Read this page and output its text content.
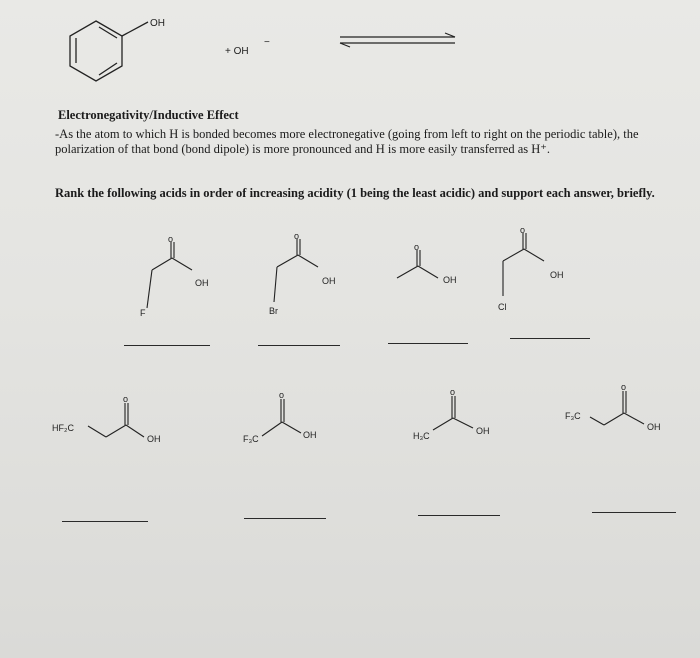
OH
+ OH
−
o
OH
F
o
OH
Br
o
OH
o
OH
Cl
o
OH
HF₂C
o
OH
F₃C
o
OH
H₃C
o
OH
F₃C
Electronegativity/Inductive Effect
-As the atom to which H is bonded becomes more electronegative (going from left to right on the periodic table), the polarization of that bond (bond dipole) is more pronounced and H is more easily transferred as H⁺.
Rank the following acids in order of increasing acidity (1 being the least acidic) and support each answer, briefly.
